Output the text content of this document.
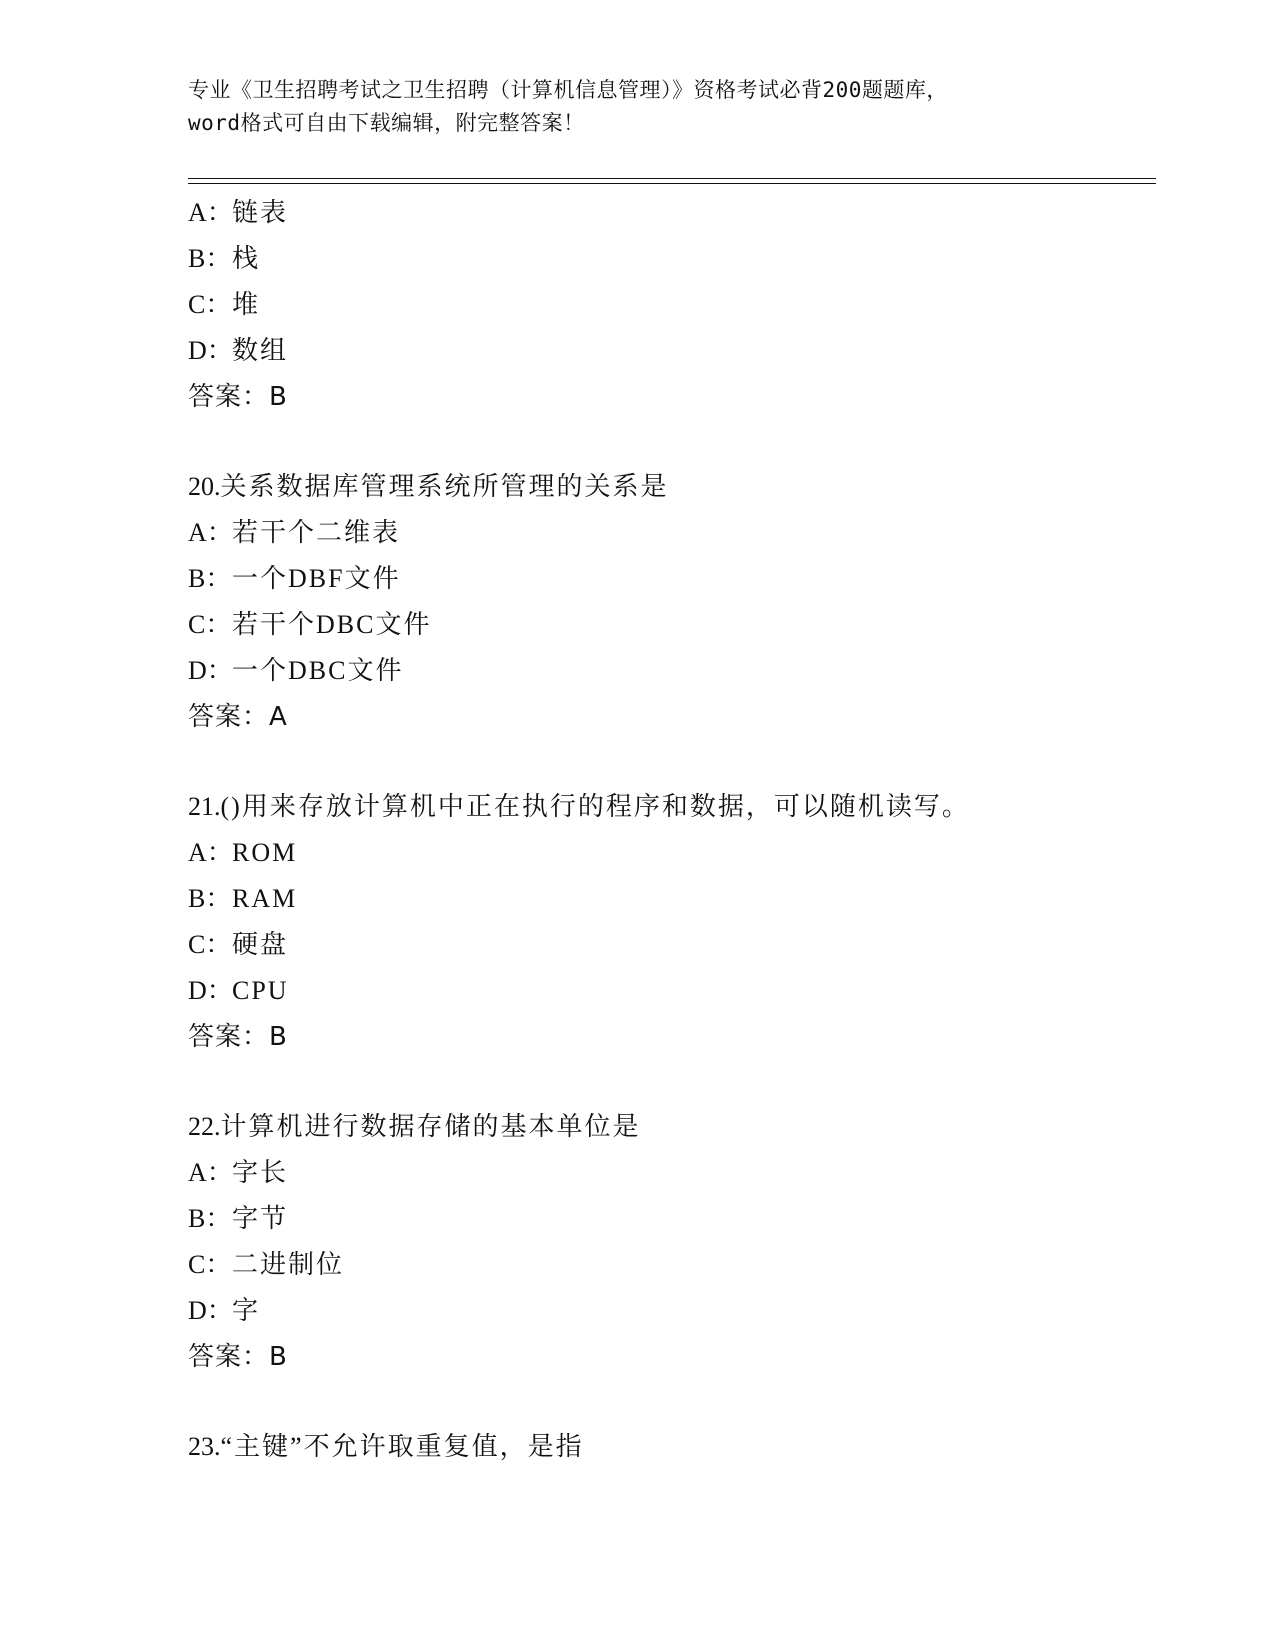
专业《卫生招聘考试之卫生招聘（计算机信息管理）》资格考试必背200题题库，
word格式可自由下载编辑，附完整答案！
A：链表
B：栈
C：堆
D：数组
答案：B
20.关系数据库管理系统所管理的关系是
A：若干个二维表
B：一个DBF文件
C：若干个DBC文件
D：一个DBC文件
答案：A
21.()用来存放计算机中正在执行的程序和数据，可以随机读写。
A：ROM
B：RAM
C：硬盘
D：CPU
答案：B
22.计算机进行数据存储的基本单位是
A：字长
B：字节
C：二进制位
D：字
答案：B
23.“主键”不允许取重复值，是指
